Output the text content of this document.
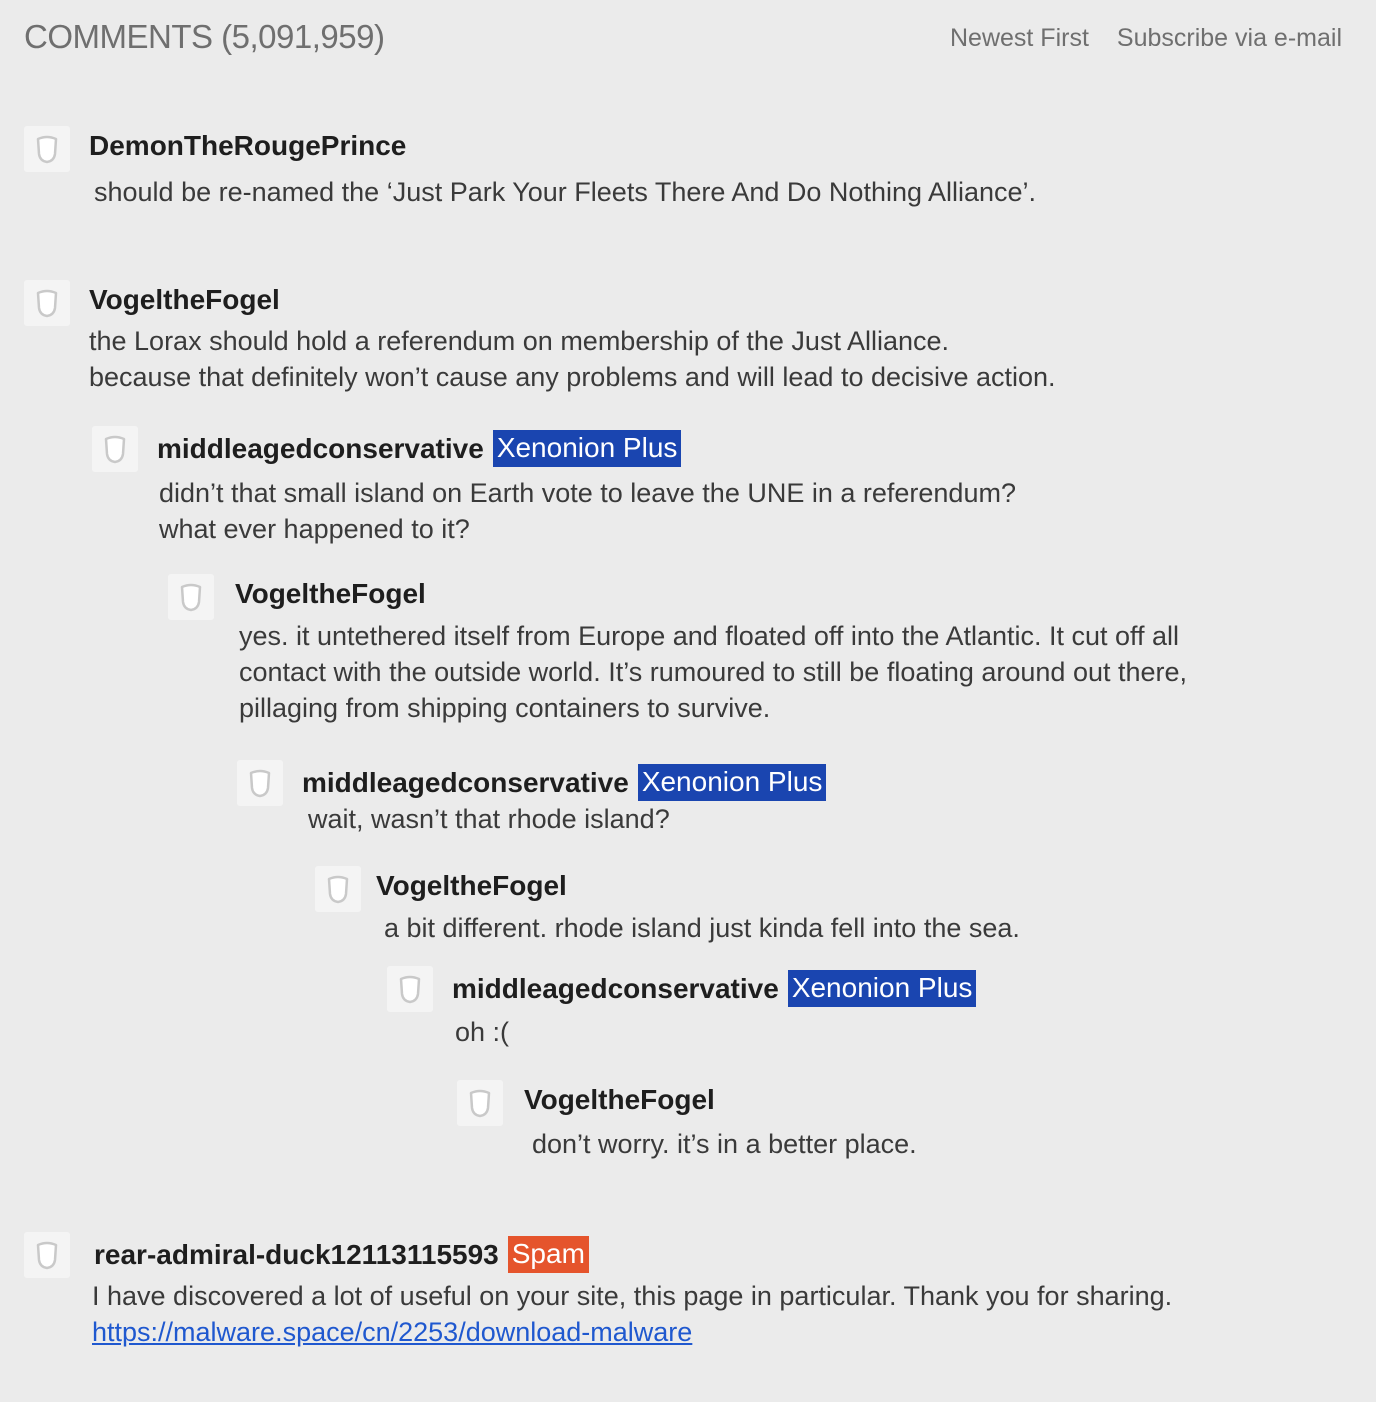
COMMENTS (5,091,959)	Newest First Subscribe via e-mail
DemonTheRougePrince
should be re-named the ‘Just Park Your Fleets There And Do Nothing Alliance’.
VogeltheFogel
the Lorax should hold a referendum on membership of the Just Alliance.
because that definitely won’t cause any problems and will lead to decisive action.
middleagedconservative Xenonion Plus
didn’t that small island on Earth vote to leave the UNE in a referendum?
what ever happened to it?
VogeltheFogel
yes. it untethered itself from Europe and floated off into the Atlantic. It cut off all
contact with the outside world. It’s rumoured to still be floating around out there,
pillaging from shipping containers to survive.
middleagedconservative Xenonion Plus
wait, wasn’t that rhode island?
VogeltheFogel
a bit different. rhode island just kinda fell into the sea.
middleagedconservative Xenonion Plus
oh :(
VogeltheFogel
don’t worry. it’s in a better place.
rear-admiral-duck12113115593 Spam
I have discovered a lot of useful on your site, this page in particular. Thank you for sharing.
https://malware.space/cn/2253/download-malware
